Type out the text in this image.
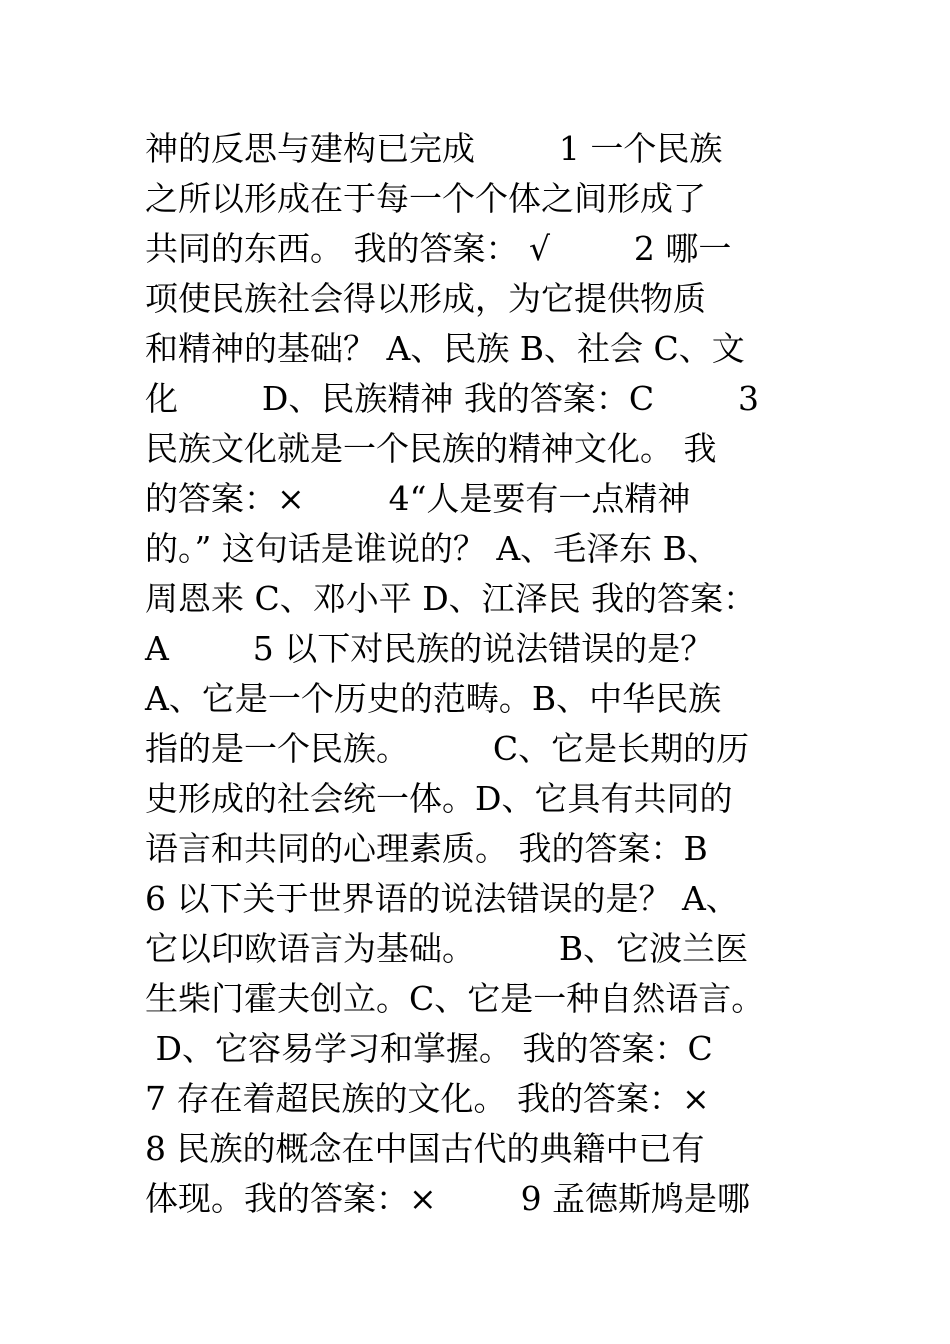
神的反思与建构已完成        1 一个民族
之所以形成在于每一个个体之间形成了
共同的东西。 我的答案： √        2 哪一
项使民族社会得以形成，为它提供物质
和精神的基础？ A、民族 B、社会 C、文
化        D、民族精神 我的答案：C        3
民族文化就是一个民族的精神文化。 我
的答案：×        4“人是要有一点精神
的。” 这句话是谁说的？ A、毛泽东 B、
周恩来 C、邓小平 D、江泽民 我的答案：
A        5 以下对民族的说法错误的是？
A、它是一个历史的范畴。B、中华民族
指的是一个民族。        C、它是长期的历
史形成的社会统一体。D、它具有共同的
语言和共同的心理素质。 我的答案：B
6 以下关于世界语的说法错误的是？ A、
它以印欧语言为基础。        B、它波兰医
生柴门霍夫创立。C、它是一种自然语言。
D、它容易学习和掌握。 我的答案：C
7 存在着超民族的文化。 我的答案：×
8 民族的概念在中国古代的典籍中已有
体现。我的答案：×        9 孟德斯鸠是哪
